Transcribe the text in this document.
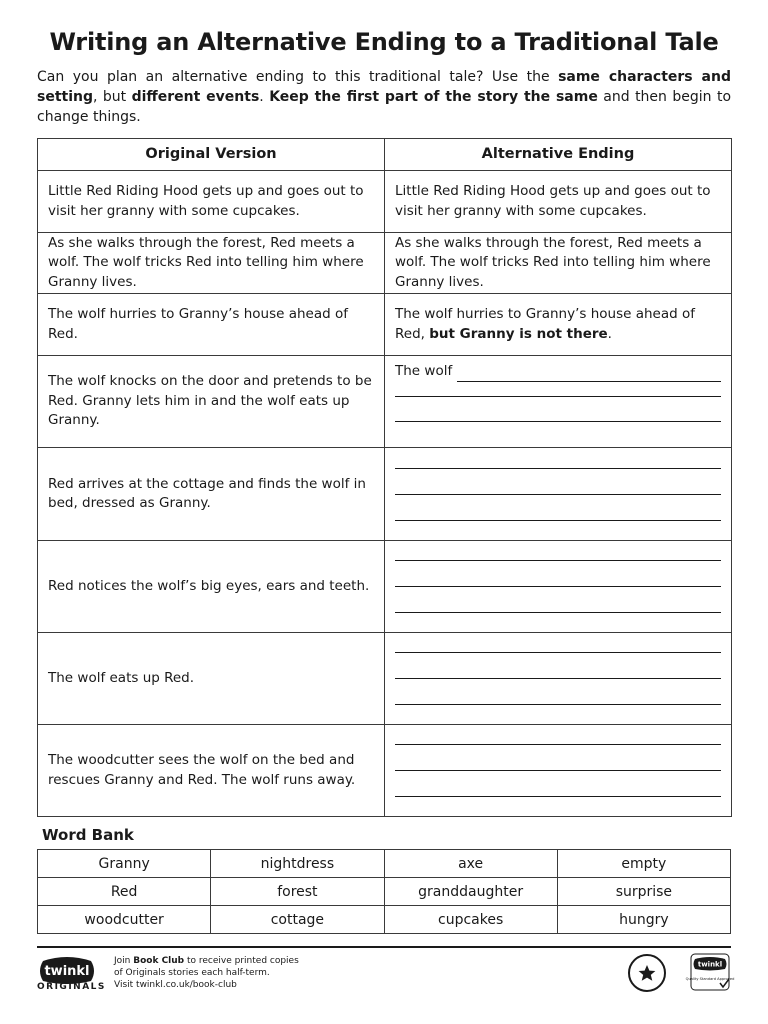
Writing an Alternative Ending to a Traditional Tale

Can you plan an alternative ending to this traditional tale? Use the same characters and setting, but different events. Keep the first part of the story the same and then begin to change things.

Original Version	Alternative Ending
Little Red Riding Hood gets up and goes out to visit her granny with some cupcakes.	Little Red Riding Hood gets up and goes out to visit her granny with some cupcakes.
As she walks through the forest, Red meets a wolf. The wolf tricks Red into telling him where Granny lives.	As she walks through the forest, Red meets a wolf. The wolf tricks Red into telling him where Granny lives.
The wolf hurries to Granny’s house ahead of Red.	The wolf hurries to Granny’s house ahead of Red, but Granny is not there.
The wolf knocks on the door and pretends to be Red. Granny lets him in and the wolf eats up Granny.	The wolf

Red arrives at the cottage and finds the wolf in bed, dressed as Granny.	

Red notices the wolf’s big eyes, ears and teeth.	

The wolf eats up Red.	

The woodcutter sees the wolf on the bed and rescues Granny and Red. The wolf runs away.	
Word Bank
Granny	nightdress	axe	empty
Red	forest	granddaughter	surprise
woodcutter	cottage	cupcakes	hungry
twinkl
ORIGINALS
Join Book Club to receive printed copies
of Originals stories each half-term.
Visit twinkl.co.uk/book-club
twinkl
Quality Standard Approved
